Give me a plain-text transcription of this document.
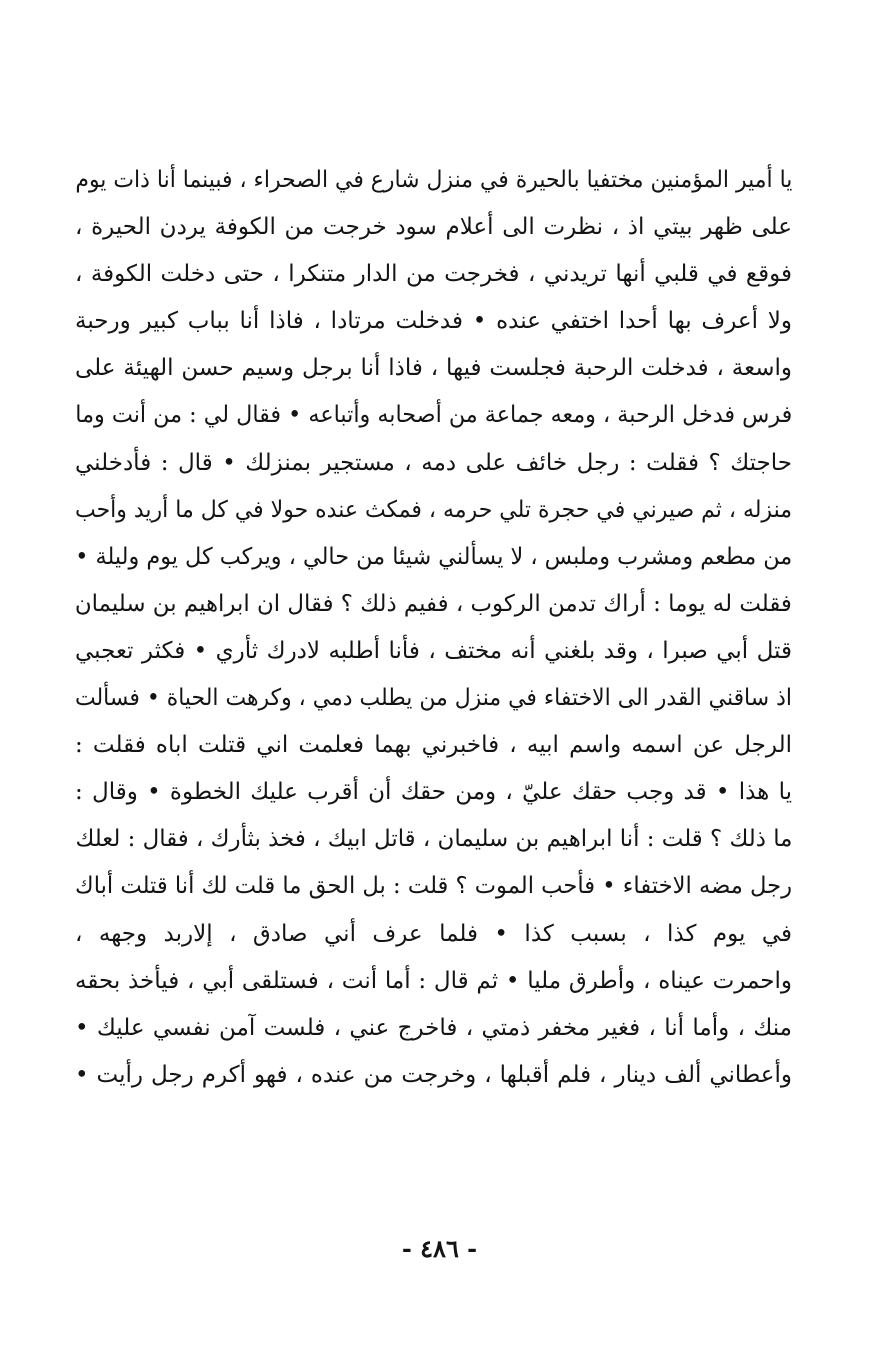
يا أمير المؤمنين مختفيا بالحيرة في منزل شارع في الصحراء ، فبينما أنا ذات يوم
على ظهر بيتي اذ ، نظرت الى أعلام سود خرجت من الكوفة يردن الحيرة ،
فوقع في قلبي أنها تريدني ، فخرجت من الدار متنكرا ، حتى دخلت الكوفة ،
ولا أعرف بها أحدا اختفي عنده • فدخلت مرتادا ، فاذا أنا بباب كبير ورحبة
واسعة ، فدخلت الرحبة فجلست فيها ، فاذا أنا برجل وسيم حسن الهيئة على
فرس فدخل الرحبة ، ومعه جماعة من أصحابه وأتباعه • فقال لي : من أنت وما
حاجتك ؟ فقلت : رجل خائف على دمه ، مستجير بمنزلك • قال : فأدخلني
منزله ، ثم صيرني في حجرة تلي حرمه ، فمكث عنده حولا في كل ما أريد وأحب
من مطعم ومشرب وملبس ، لا يسألني شيئا من حالي ، ويركب كل يوم وليلة •
فقلت له يوما : أراك تدمن الركوب ، ففيم ذلك ؟ فقال ان ابراهيم بن سليمان
قتل أبي صبرا ، وقد بلغني أنه مختف ، فأنا أطلبه لادرك ثأري • فكثر تعجبي
اذ ساقني القدر الى الاختفاء في منزل من يطلب دمي ، وكرهت الحياة • فسألت
الرجل عن اسمه واسم ابيه ، فاخبرني بهما فعلمت اني قتلت اباه فقلت :
يا هذا • قد وجب حقك عليّ ، ومن حقك أن أقرب عليك الخطوة • وقال :
ما ذلك ؟ قلت : أنا ابراهيم بن سليمان ، قاتل ابيك ، فخذ بثأرك ، فقال : لعلك
رجل مضه الاختفاء • فأحب الموت ؟ قلت : بل الحق ما قلت لك أنا قتلت أباك
في يوم كذا ، بسبب كذا • فلما عرف أني صادق ، إلاربد وجهه ،
واحمرت عيناه ، وأطرق مليا • ثم قال : أما أنت ، فستلقى أبي ، فيأخذ بحقه
منك ، وأما أنا ، فغير مخفر ذمتي ، فاخرج عني ، فلست آمن نفسي عليك •
وأعطاني ألف دينار ، فلم أقبلها ، وخرجت من عنده ، فهو أكرم رجل رأيت •
- ٤٨٦ -
